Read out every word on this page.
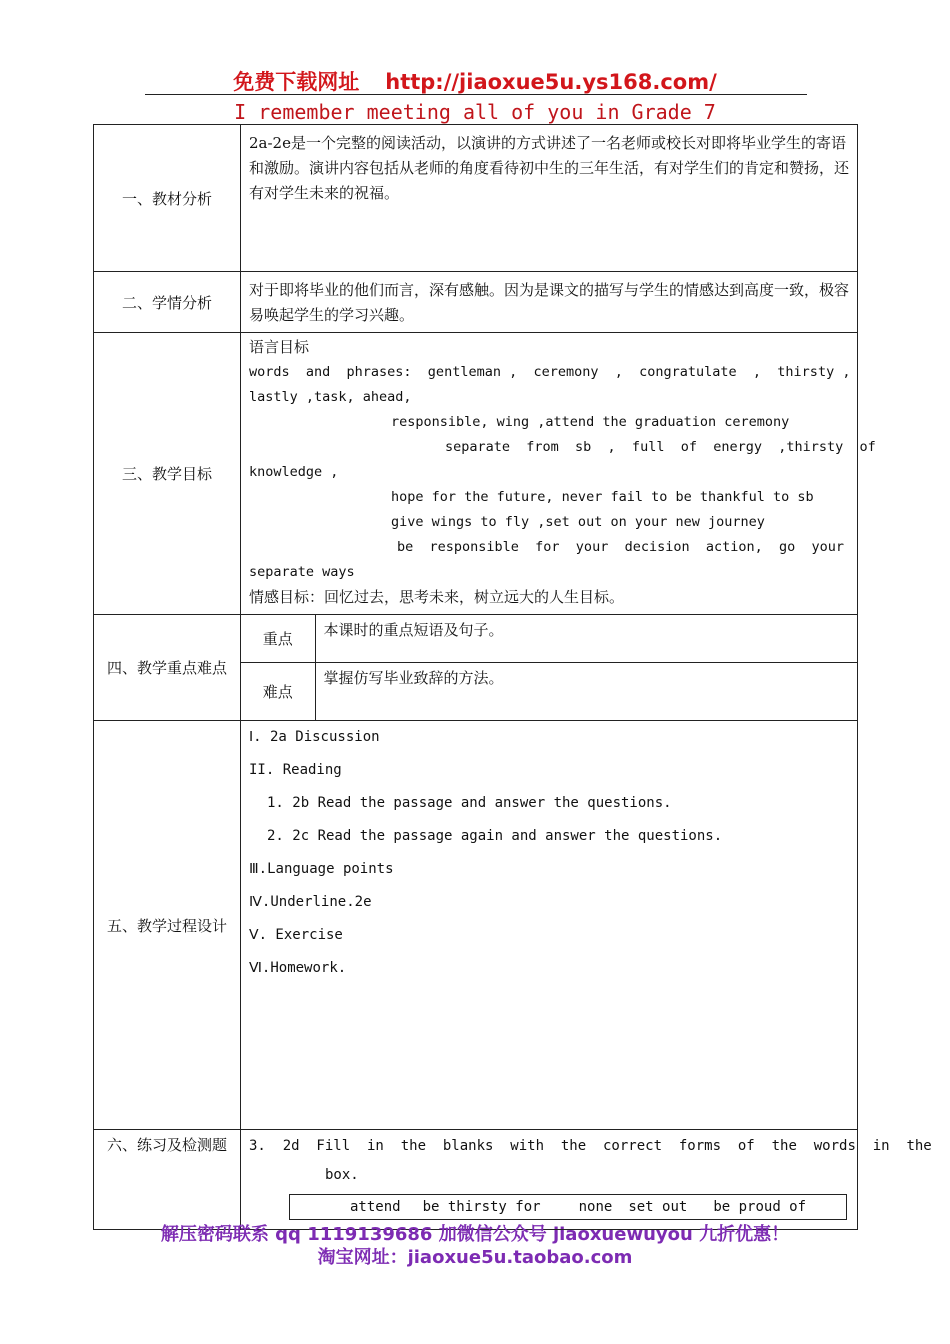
免费下载网址 http://jiaoxue5u.ys168.com/
I remember meeting all of you in Grade 7
一、教材分析	
2a-2e是一个完整的阅读活动，以演讲的方式讲述了一名老师或校长对即将毕业学生的寄语和激励。演讲内容包括从老师的角度看待初中生的三年生活，有对学生们的肯定和赞扬，还有对学生未来的祝福。

二、学情分析	
对于即将毕业的他们而言，深有感触。因为是课文的描写与学生的情感达到高度一致，极容易唤起学生的学习兴趣。

三、教学目标	
语言目标
words  and  phrases:  gentleman ,  ceremony  ,  congratulate  ,  thirsty ,
lastly ,task, ahead,
responsible, wing ,attend the graduation ceremony
separate  from  sb  ,  full  of  energy  ,thirsty  of
knowledge ,
hope for the future, never fail to be thankful to sb
give wings to fly ,set out on your new journey
be  responsible  for  your  decision  action,  go  your
separate ways
情感目标：回忆过去，思考未来，树立远大的人生目标。

四、教学重点难点	
重点	本课时的重点短语及句子。
难点	掌握仿写毕业致辞的方法。

五、教学过程设计	
Ⅰ. 2a Discussion
II. Reading
1. 2b Read the passage and answer the questions.
2. 2c Read the passage again and answer the questions.
Ⅲ.Language points
Ⅳ.Underline.2e
Ⅴ. Exercise
Ⅵ.Homework.

六、练习及检测题	3.  2d  Fill  in  the  blanks  with  the  correct  forms  of  the  words  in  the
box.
attend be thirsty for	none set out be proud of
解压密码联系 qq 1119139686 加微信公众号 jiaoxuewuyou 九折优惠！
淘宝网址：jiaoxue5u.taobao.com
